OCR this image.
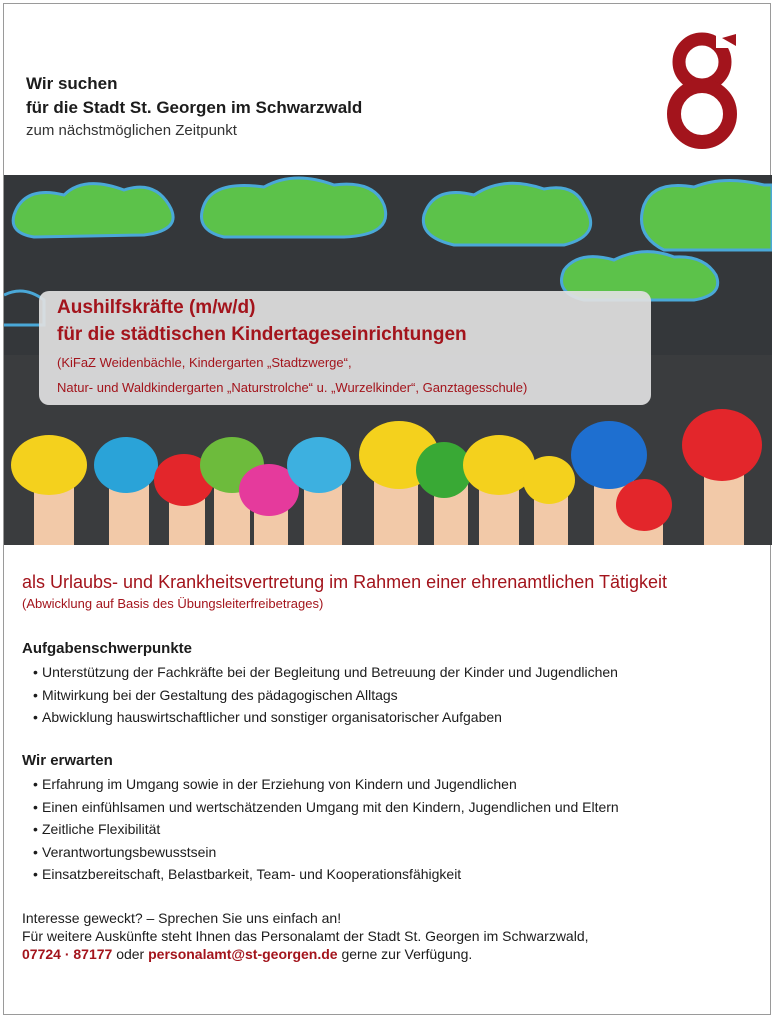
Wir suchen
für die Stadt St. Georgen im Schwarzwald
zum nächstmöglichen Zeitpunkt
Aushilfskräfte (m/w/d)
für die städtischen Kindertageseinrichtungen
(KiFaZ Weidenbächle, Kindergarten „Stadtzwerge“,
Natur- und Waldkindergarten „Naturstrolche“ u. „Wurzelkinder“, Ganztagesschule)
als Urlaubs- und Krankheitsvertretung im Rahmen einer ehrenamtlichen Tätigkeit
(Abwicklung auf Basis des Übungsleiterfreibetrages)
Aufgabenschwerpunkte
• Unterstützung der Fachkräfte bei der Begleitung und Betreuung der Kinder und Jugendlichen
• Mitwirkung bei der Gestaltung des pädagogischen Alltags
• Abwicklung hauswirtschaftlicher und sonstiger organisatorischer Aufgaben
Wir erwarten
• Erfahrung im Umgang sowie in der Erziehung von Kindern und Jugendlichen
• Einen einfühlsamen und wertschätzenden Umgang mit den Kindern, Jugendlichen und Eltern
• Zeitliche Flexibilität
• Verantwortungsbewusstsein
• Einsatzbereitschaft, Belastbarkeit, Team- und Kooperationsfähigkeit
Interesse geweckt? – Sprechen Sie uns einfach an!
Für weitere Auskünfte steht Ihnen das Personalamt der Stadt St. Georgen im Schwarzwald,
07724 · 87177 oder personalamt@st-georgen.de gerne zur Verfügung.
